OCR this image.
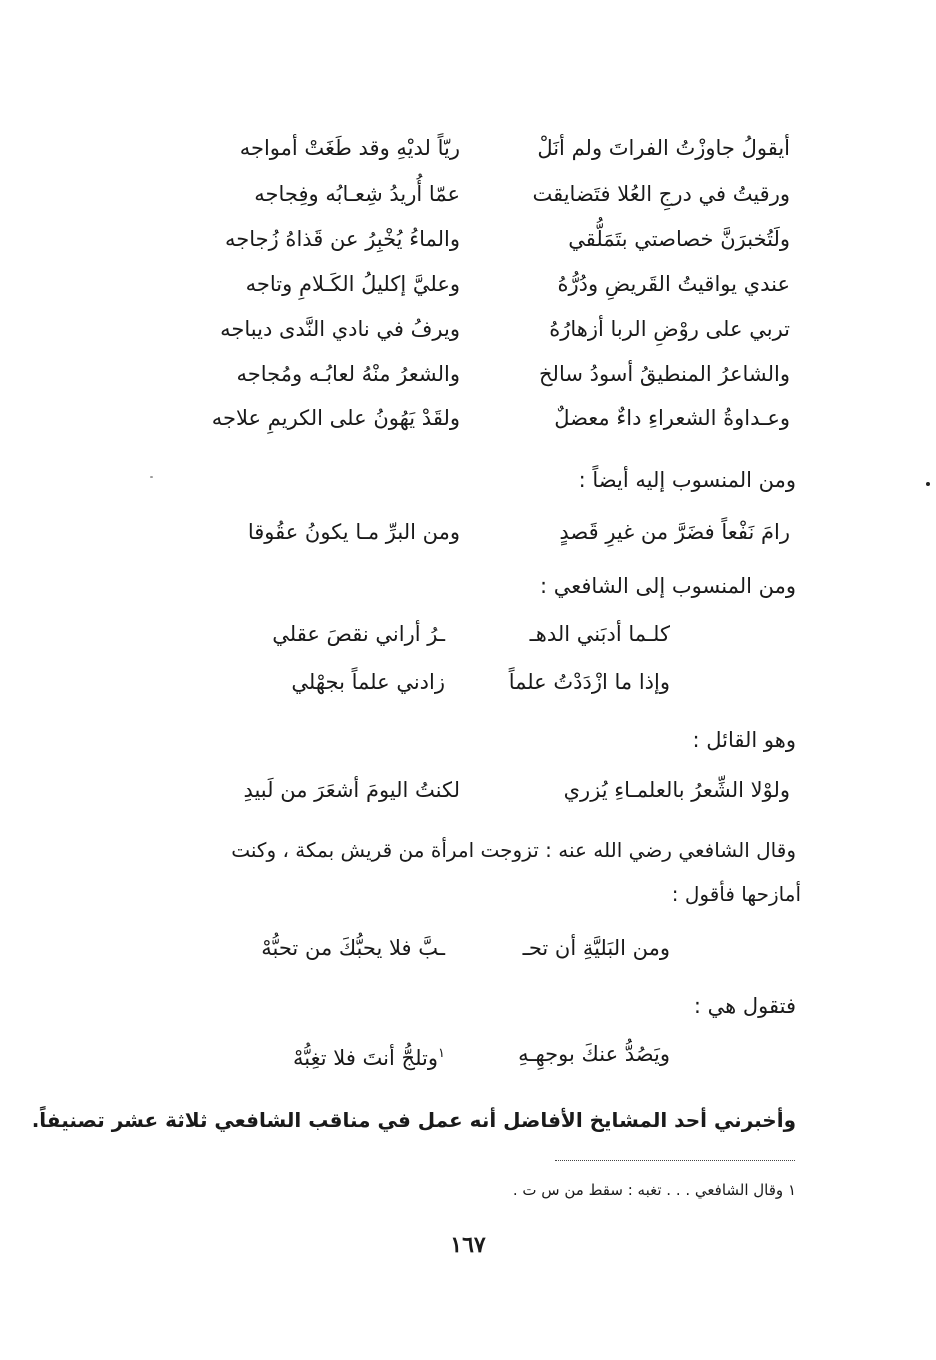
أيقولُ جاوزْتُ الفراتَ ولم أنَلْ
ريّاً لديْهِ وقد طَغَتْ أمواجه
ورقيتُ في درجِ العُلا فتَضايقت
عمّا أُريدُ شِعـابُه وفِجاجه
ولَتُخبرَنَّ خصاصتي بتَمَلُّقي
والماءُ يُخْبِرُ عن قَذاهُ زُجاجه
عندي يواقيتُ القَريضِ ودُرُّهُ
وعليَّ إكليلُ الكَـلامِ وتاجه
تربي على روْضِ الربا أزهارُهُ
ويرفُ في نادي النَّدى ديباجه
والشاعرُ المنطيقُ أسودُ سالخ
والشعرُ منْهُ لعابُـه ومُجاجه
وعـداوةُ الشعراءِ داءٌ معضلٌ
ولقَدْ يَهُونُ على الكريمِ علاجه
ومن المنسوب إليه أيضاً :
رامَ نَفْعاً فضَرَّ من غيرِ قَصدٍ
ومن البرِّ مـا يكونُ عقُوقا
ومن المنسوب إلى الشافعي :
كلـما أدبَني الدهـ
ـرُ أراني نقصَ عقلي
وإذا ما ازْدَدْتُ علماً
زادني علماً بجهْلي
وهو القائل :
ولوْلا الشِّعرُ بالعلمـاءِ يُزري
لكنتُ اليومَ أشعَرَ من لَبيدِ
وقال الشافعي رضي الله عنه : تزوجت امرأة من قريش بمكة ، وكنت
أمازحها فأقول :
ومن البَليَّةِ أن تحـ
ـبَّ فلا يحبُّكَ من تحبُّهْ
فتقول هي :
ويَصُدُّ عنكَ بوجهِـهِ
$^١$وتلجُّ أنتَ فلا تغِبُّهْ
وأخبرني أحد المشايخ الأفاضل أنه عمل في مناقب الشافعي ثلاثة عشر تصنيفاً.
١ وقال الشافعي . . . تغبه : سقط من س ت .
١٦٧
